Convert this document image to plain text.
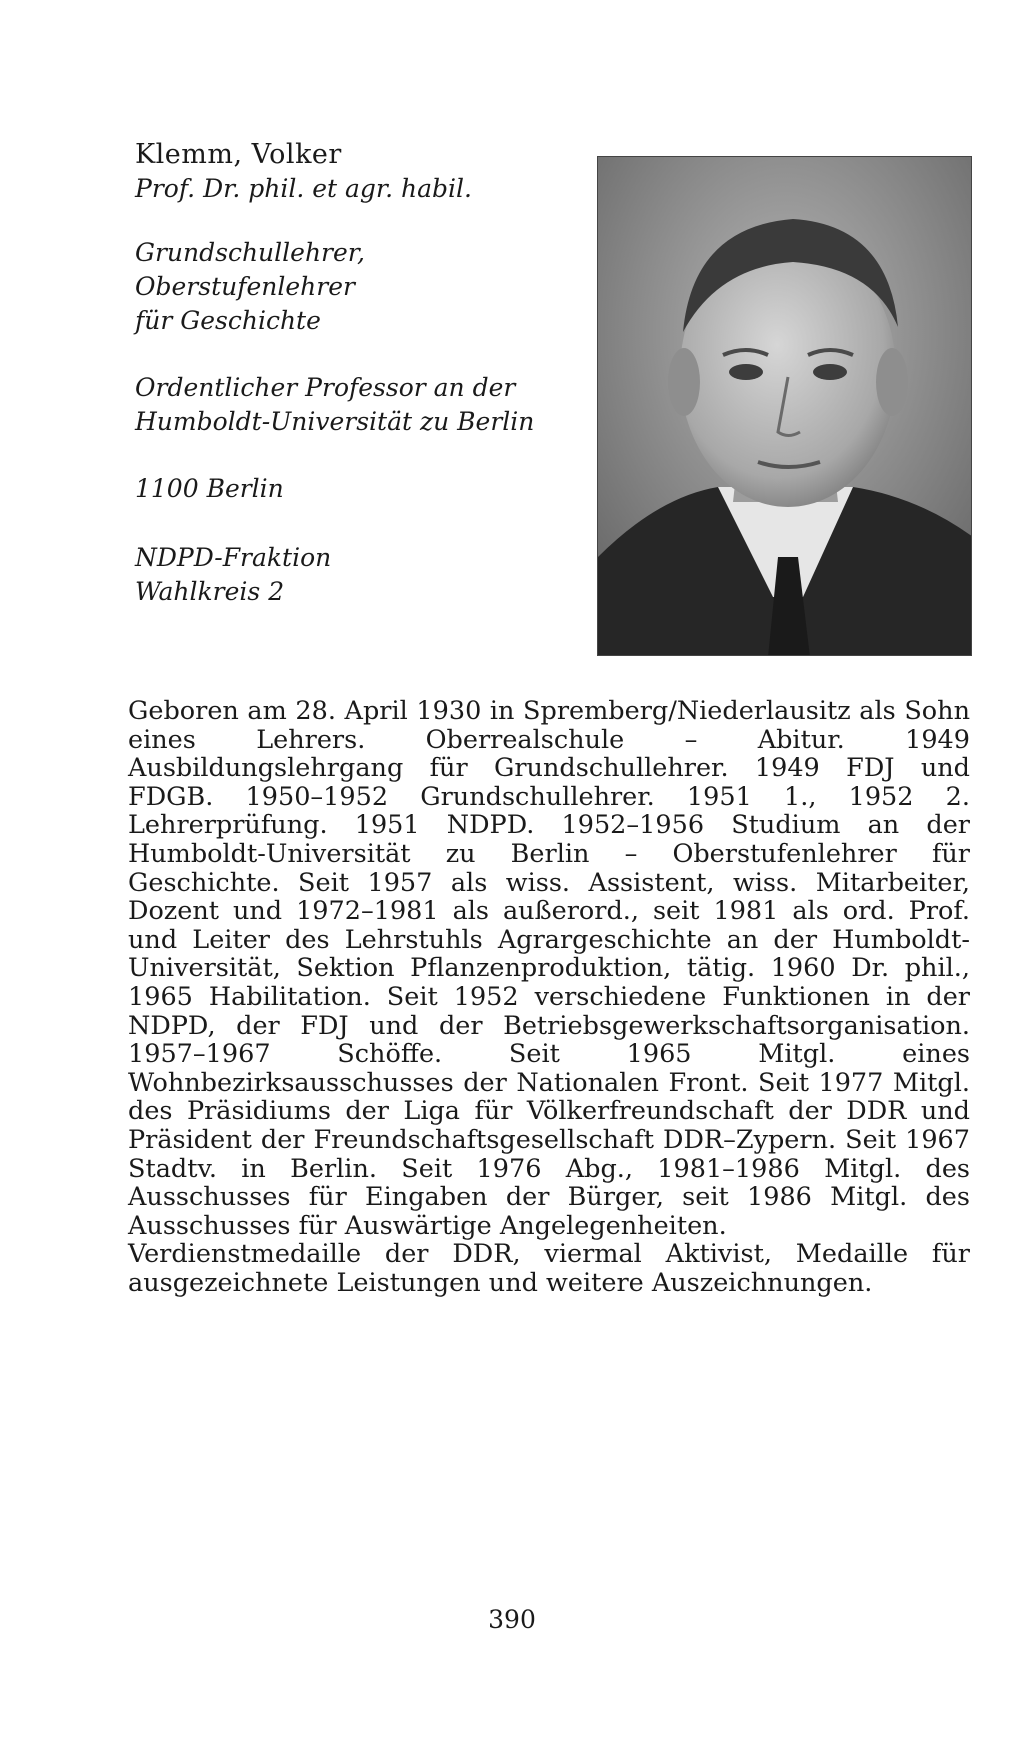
Klemm, Volker

Prof. Dr. phil. et agr. habil.

Grundschullehrer, Oberstufenlehrer

für Geschichte

Ordentlicher Professor an der

Humboldt-Universität zu Berlin

1100 Berlin

NDPD-Fraktion

Wahlkreis 2

Geboren am 28. April 1930 in Spremberg/Niederlausitz als Sohn eines Lehrers. Oberrealschule – Abitur. 1949 Ausbildungslehrgang für Grundschullehrer. 1949 FDJ und FDGB. 1950–1952 Grundschullehrer. 1951 1., 1952 2. Lehrerprüfung. 1951 NDPD. 1952–1956 Studium an der Humboldt-Universität zu Berlin – Oberstufenlehrer für Geschichte. Seit 1957 als wiss. Assistent, wiss. Mitarbeiter, Dozent und 1972–1981 als außerord., seit 1981 als ord. Prof. und Leiter des Lehrstuhls Agrargeschichte an der Humboldt-Universität, Sektion Pflanzenproduktion, tätig. 1960 Dr. phil., 1965 Habilitation. Seit 1952 verschiedene Funktionen in der NDPD, der FDJ und der Betriebsgewerkschaftsorganisation. 1957–1967 Schöffe. Seit 1965 Mitgl. eines Wohnbezirksausschusses der Nationalen Front. Seit 1977 Mitgl. des Präsidiums der Liga für Völkerfreundschaft der DDR und Präsident der Freundschaftsgesellschaft DDR–Zypern. Seit 1967 Stadtv. in Berlin. Seit 1976 Abg., 1981–1986 Mitgl. des Ausschusses für Eingaben der Bürger, seit 1986 Mitgl. des Ausschusses für Auswärtige Angelegenheiten.

Verdienstmedaille der DDR, viermal Aktivist, Medaille für ausgezeichnete Leistungen und weitere Auszeichnungen.

390
